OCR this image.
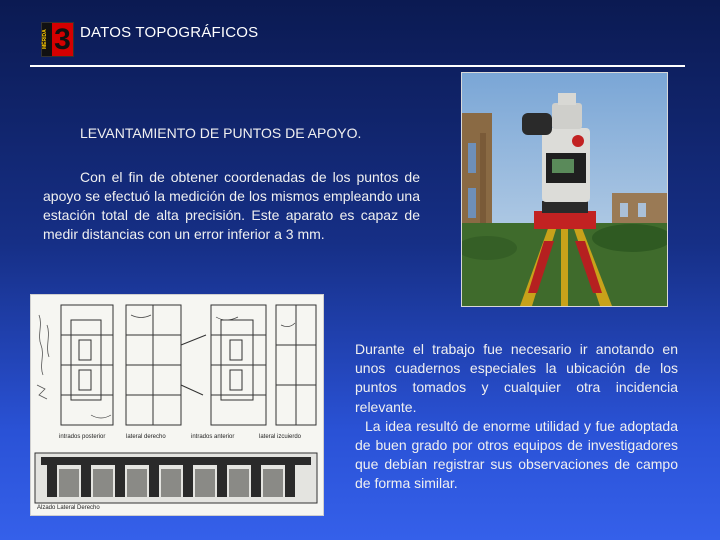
MÉRIDA 3 DATOS TOPOGRÁFICOS
LEVANTAMIENTO DE PUNTOS DE APOYO.
Con el fin de obtener coordenadas de los puntos de apoyo se efectuó la medición de los mismos empleando una estación total de alta precisión. Este aparato es capaz de medir distancias con un error inferior a 3 mm.
intrados posterior	lateral derecho	intrados anterior	lateral izcuierdo
Alzado Lateral Derecho

Durante el trabajo fue necesario ir anotando en unos cuadernos especiales la ubicación de los puntos tomados y cualquier otra incidencia relevante.

La idea resultó de enorme utilidad y fue adoptada de buen grado por otros equipos de investigadores que debían registrar sus observaciones de campo de forma similar.
